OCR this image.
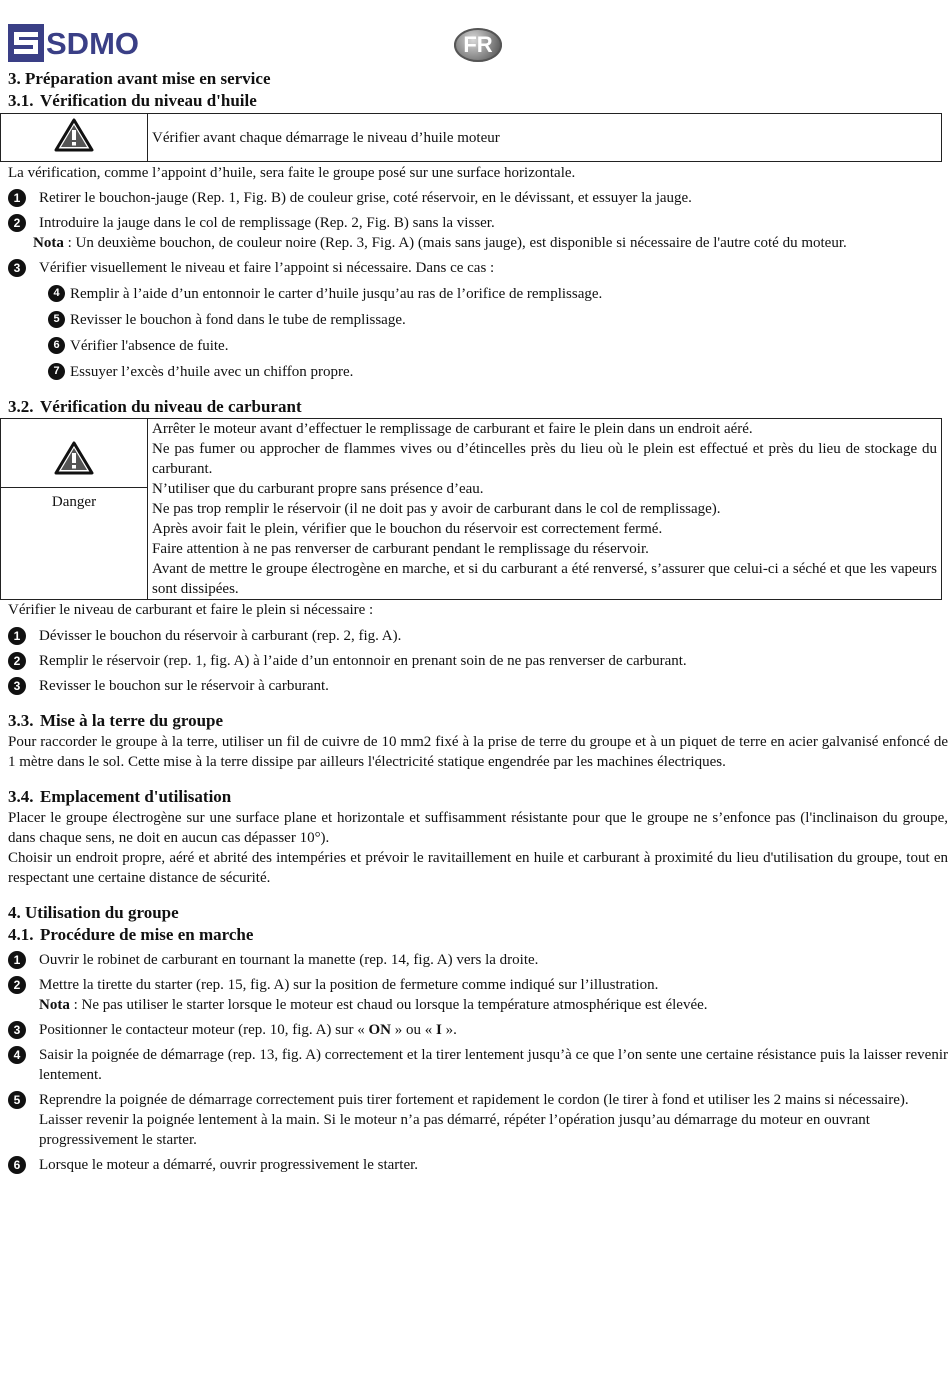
SDMO	FR
3. Préparation avant mise en service
3.1. Vérification du niveau d'huile
	Vérifier avant chaque démarrage le niveau d’huile moteur

La vérification, comme l’appoint d’huile, sera faite le groupe posé sur une surface horizontale.

1	Retirer le bouchon-jauge (Rep. 1, Fig. B) de couleur grise, coté réservoir, en le dévissant, et essuyer la jauge.
2	Introduire la jauge dans le col de remplissage (Rep. 2, Fig. B) sans la visser.

Nota : Un deuxième bouchon, de couleur noire (Rep. 3, Fig. A) (mais sans jauge), est disponible si nécessaire de l'autre coté du moteur.

3	Vérifier visuellement le niveau et faire l’appoint si nécessaire. Dans ce cas :
4 Remplir à l’aide d’un entonnoir le carter d’huile jusqu’au ras de l’orifice de remplissage.
5 Revisser le bouchon à fond dans le tube de remplissage.
6 Vérifier l'absence de fuite.
7 Essuyer l’excès d’huile avec un chiffon propre.
3.2. Vérification du niveau de carburant
Danger

Arrêter le moteur avant d’effectuer le remplissage de carburant et faire le plein dans un endroit aéré.

Ne pas fumer ou approcher de flammes vives ou d’étincelles près du lieu où le plein est effectué et près du lieu de stockage du carburant.

N’utiliser que du carburant propre sans présence d’eau.

Ne pas trop remplir le réservoir (il ne doit pas y avoir de carburant dans le col de remplissage).

Après avoir fait le plein, vérifier que le bouchon du réservoir est correctement fermé.

Faire attention à ne pas renverser de carburant pendant le remplissage du réservoir.

Avant de mettre le groupe électrogène en marche, et si du carburant a été renversé, s’assurer que celui-ci a séché et que les vapeurs sont dissipées.

Vérifier le niveau de carburant et faire le plein si nécessaire :

1	Dévisser le bouchon du réservoir à carburant (rep. 2, fig. A).
2	Remplir le réservoir (rep. 1, fig. A) à l’aide d’un entonnoir en prenant soin de ne pas renverser de carburant.
3	Revisser le bouchon sur le réservoir à carburant.
3.3. Mise à la terre du groupe

Pour raccorder le groupe à la terre, utiliser un fil de cuivre de 10 mm2 fixé à la prise de terre du groupe et à un piquet de terre en acier galvanisé enfoncé de 1 mètre dans le sol. Cette mise à la terre dissipe par ailleurs l'électricité statique engendrée par les machines électriques.

3.4. Emplacement d'utilisation

Placer le groupe électrogène sur une surface plane et horizontale et suffisamment résistante pour que le groupe ne s’enfonce pas (l'inclinaison du groupe, dans chaque sens, ne doit en aucun cas dépasser 10°).

Choisir un endroit propre, aéré et abrité des intempéries et prévoir le ravitaillement en huile et carburant à proximité du lieu d'utilisation du groupe, tout en respectant une certaine distance de sécurité.

4. Utilisation du groupe
4.1. Procédure de mise en marche
1	Ouvrir le robinet de carburant en tournant la manette (rep. 14, fig. A) vers la droite.
2	Mettre la tirette du starter (rep. 15, fig. A) sur la position de fermeture comme indiqué sur l’illustration.

Nota : Ne pas utiliser le starter lorsque le moteur est chaud ou lorsque la température atmosphérique est élevée.

3	Positionner le contacteur moteur (rep. 10, fig. A) sur « ON » ou « I ».
4	Saisir la poignée de démarrage (rep. 13, fig. A) correctement et la tirer lentement jusqu’à ce que l’on sente une certaine résistance puis la laisser revenir lentement.
5	Reprendre la poignée de démarrage correctement puis tirer fortement et rapidement le cordon (le tirer à fond et utiliser les 2 mains si nécessaire). Laisser revenir la poignée lentement à la main. Si le moteur n’a pas démarré, répéter l’opération jusqu’au démarrage du moteur en ouvrant progressivement le starter.
6	Lorsque le moteur a démarré, ouvrir progressivement le starter.
